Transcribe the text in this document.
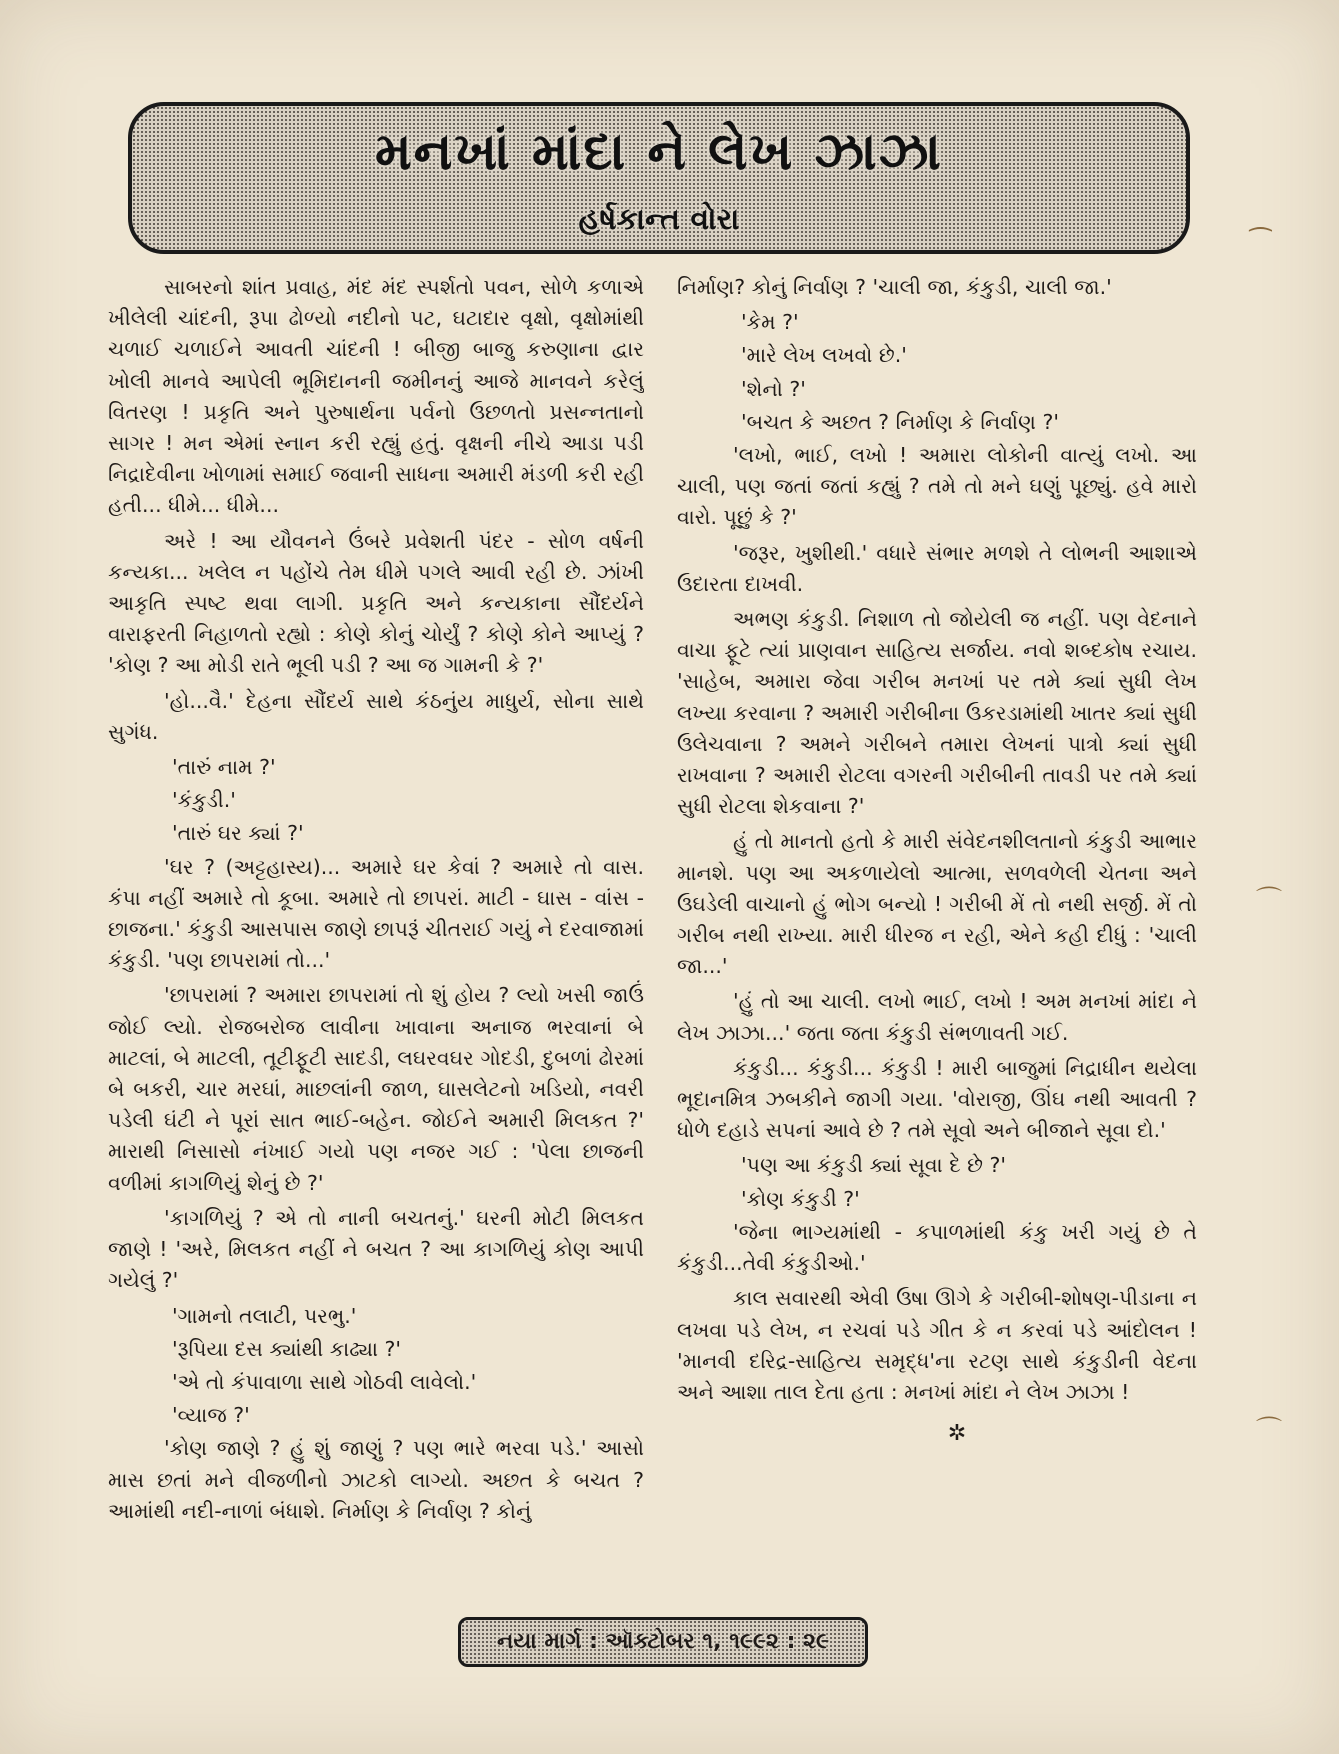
મનખાં માંદા ને લેખ ઝાઝા
હર્ષકાન્ત વોરા

સાબરનો શાંત પ્રવાહ, મંદ મંદ સ્પર્શતો પવન, સોળે કળાએ ખીલેલી ચાંદની, રૂપા ઢોળ્યો નદીનો પટ, ઘટાદાર વૃક્ષો, વૃક્ષોમાંથી ચળાઈ ચળાઈને આવતી ચાંદની ! બીજી બાજુ કરુણાના દ્વાર ખોલી માનવે આપેલી ભૂમિદાનની જમીનનું આજે માનવને કરેલું વિતરણ ! પ્રકૃતિ અને પુરુષાર્થના પર્વનો ઉછળતો પ્રસન્નતાનો સાગર ! મન એમાં સ્નાન કરી રહ્યું હતું. વૃક્ષની નીચે આડા પડી નિદ્રાદેવીના ખોળામાં સમાઈ જવાની સાધના અમારી મંડળી કરી રહી હતી... ધીમે... ધીમે...

અરે ! આ યૌવનને ઉંબરે પ્રવેશતી પંદર - સોળ વર્ષની કન્યકા... ખલેલ ન પહોંચે તેમ ધીમે પગલે આવી રહી છે. ઝાંખી આકૃતિ સ્પષ્ટ થવા લાગી. પ્રકૃતિ અને કન્યકાના સૌંદર્યને વારાફરતી નિહાળતો રહ્યો : કોણે કોનું ચોર્યું ? કોણે કોને આપ્યું ? 'કોણ ? આ મોડી રાતે ભૂલી પડી ? આ જ ગામની કે ?'

'હો...વૈ.' દેહના સૌંદર્ય સાથે કંઠનુંય માધુર્ય, સોના સાથે સુગંધ.

'તારું નામ ?'

'કંકુડી.'

'તારું ઘર ક્યાં ?'

'ઘર ? (અટ્ટહાસ્ય)... અમારે ઘર કેવાં ? અમારે તો વાસ. કંપા નહીં અમારે તો કૂબા. અમારે તો છાપરાં. માટી - ઘાસ - વાંસ - છાજના.' કંકુડી આસપાસ જાણે છાપરૂં ચીતરાઈ ગયું ને દરવાજામાં કંકુડી. 'પણ છાપરામાં તો...'

'છાપરામાં ? અમારા છાપરામાં તો શું હોય ? લ્યો ખસી જાઉં જોઈ લ્યો. રોજબરોજ લાવીના ખાવાના અનાજ ભરવાનાં બે માટલાં, બે માટલી, તૂટીફૂટી સાદડી, લઘરવઘર ગોદડી, દુબળાં ઢોરમાં બે બકરી, ચાર મરઘાં, માછલાંની જાળ, ઘાસલેટનો ખડિયો, નવરી પડેલી ઘંટી ને પૂરાં સાત ભાઈ-બહેન. જોઈને અમારી મિલકત ?' મારાથી નિસાસો નંખાઈ ગયો પણ નજર ગઈ : 'પેલા છાજની વળીમાં કાગળિયું શેનું છે ?'

'કાગળિયું ? એ તો નાની બચતનું.' ઘરની મોટી મિલકત જાણે ! 'અરે, મિલકત નહીં ને બચત ? આ કાગળિયું કોણ આપી ગયેલું ?'

'ગામનો તલાટી, પરભુ.'

'રૂપિયા દસ ક્યાંથી કાઢ્યા ?'

'એ તો કંપાવાળા સાથે ગોઠવી લાવેલો.'

'વ્યાજ ?'

'કોણ જાણે ? હું શું જાણું ? પણ ભારે ભરવા પડે.' આસો માસ છતાં મને વીજળીનો ઝાટકો લાગ્યો. અછત કે બચત ? આમાંથી નદી-નાળાં બંધાશે. નિર્માણ કે નિર્વાણ ? કોનું

નિર્માણ? કોનું નિર્વાણ ? 'ચાલી જા, કંકુડી, ચાલી જા.'

'કેમ ?'

'મારે લેખ લખવો છે.'

'શેનો ?'

'બચત કે અછત ? નિર્માણ કે નિર્વાણ ?'

'લખો, ભાઈ, લખો ! અમારા લોકોની વાત્યું લખો. આ ચાલી, પણ જતાં જતાં કહ્યું ? તમે તો મને ઘણું પૂછ્યું. હવે મારો વારો. પૂછું કે ?'

'જરૂર, ખુશીથી.' વધારે સંભાર મળશે તે લોભની આશાએ ઉદારતા દાખવી.

અભણ કંકુડી. નિશાળ તો જોયેલી જ નહીં. પણ વેદનાને વાચા ફૂટે ત્યાં પ્રાણવાન સાહિત્ય સર્જાય. નવો શબ્દકોષ રચાય. 'સાહેબ, અમારા જેવા ગરીબ મનખાં પર તમે ક્યાં સુધી લેખ લખ્યા કરવાના ? અમારી ગરીબીના ઉકરડામાંથી ખાતર ક્યાં સુધી ઉલેચવાના ? અમને ગરીબને તમારા લેખનાં પાત્રો ક્યાં સુધી રાખવાના ? અમારી રોટલા વગરની ગરીબીની તાવડી પર તમે ક્યાં સુધી રોટલા શેકવાના ?'

હું તો માનતો હતો કે મારી સંવેદનશીલતાનો કંકુડી આભાર માનશે. પણ આ અકળાયેલો આત્મા, સળવળેલી ચેતના અને ઉઘડેલી વાચાનો હું ભોગ બન્યો ! ગરીબી મેં તો નથી સર્જી. મેં તો ગરીબ નથી રાખ્યા. મારી ધીરજ ન રહી, એને કહી દીધું : 'ચાલી જા...'

'હું તો આ ચાલી. લખો ભાઈ, લખો ! અમ મનખાં માંદા ને લેખ ઝાઝા...' જતા જતા કંકુડી સંભળાવતી ગઈ.

કંકુડી... કંકુડી... કંકુડી ! મારી બાજુમાં નિદ્રાધીન થયેલા ભૂદાનમિત્ર ઝબકીને જાગી ગયા. 'વોરાજી, ઊંઘ નથી આવતી ? ધોળે દહાડે સપનાં આવે છે ? તમે સૂવો અને બીજાને સૂવા દો.'

'પણ આ કંકુડી ક્યાં સૂવા દે છે ?'

'કોણ કંકુડી ?'

'જેના ભાગ્યમાંથી - કપાળમાંથી કંકુ ખરી ગયું છે તે કંકુડી...તેવી કંકુડીઓ.'

કાલ સવારથી એવી ઉષા ઊગે કે ગરીબી-શોષણ-પીડાના ન લખવા પડે લેખ, ન રચવાં પડે ગીત કે ન કરવાં પડે આંદોલન ! 'માનવી દરિદ્ર-સાહિત્ય સમૃદ્ધ'ના રટણ સાથે કંકુડીની વેદના અને આશા તાલ દેતા હતા : મનખાં માંદા ને લેખ ઝાઝા !

✲
નયા માર્ગ : ઑક્ટોબર ૧, ૧૯૯૨ : ૨૯
⁀
⌒
⌒
